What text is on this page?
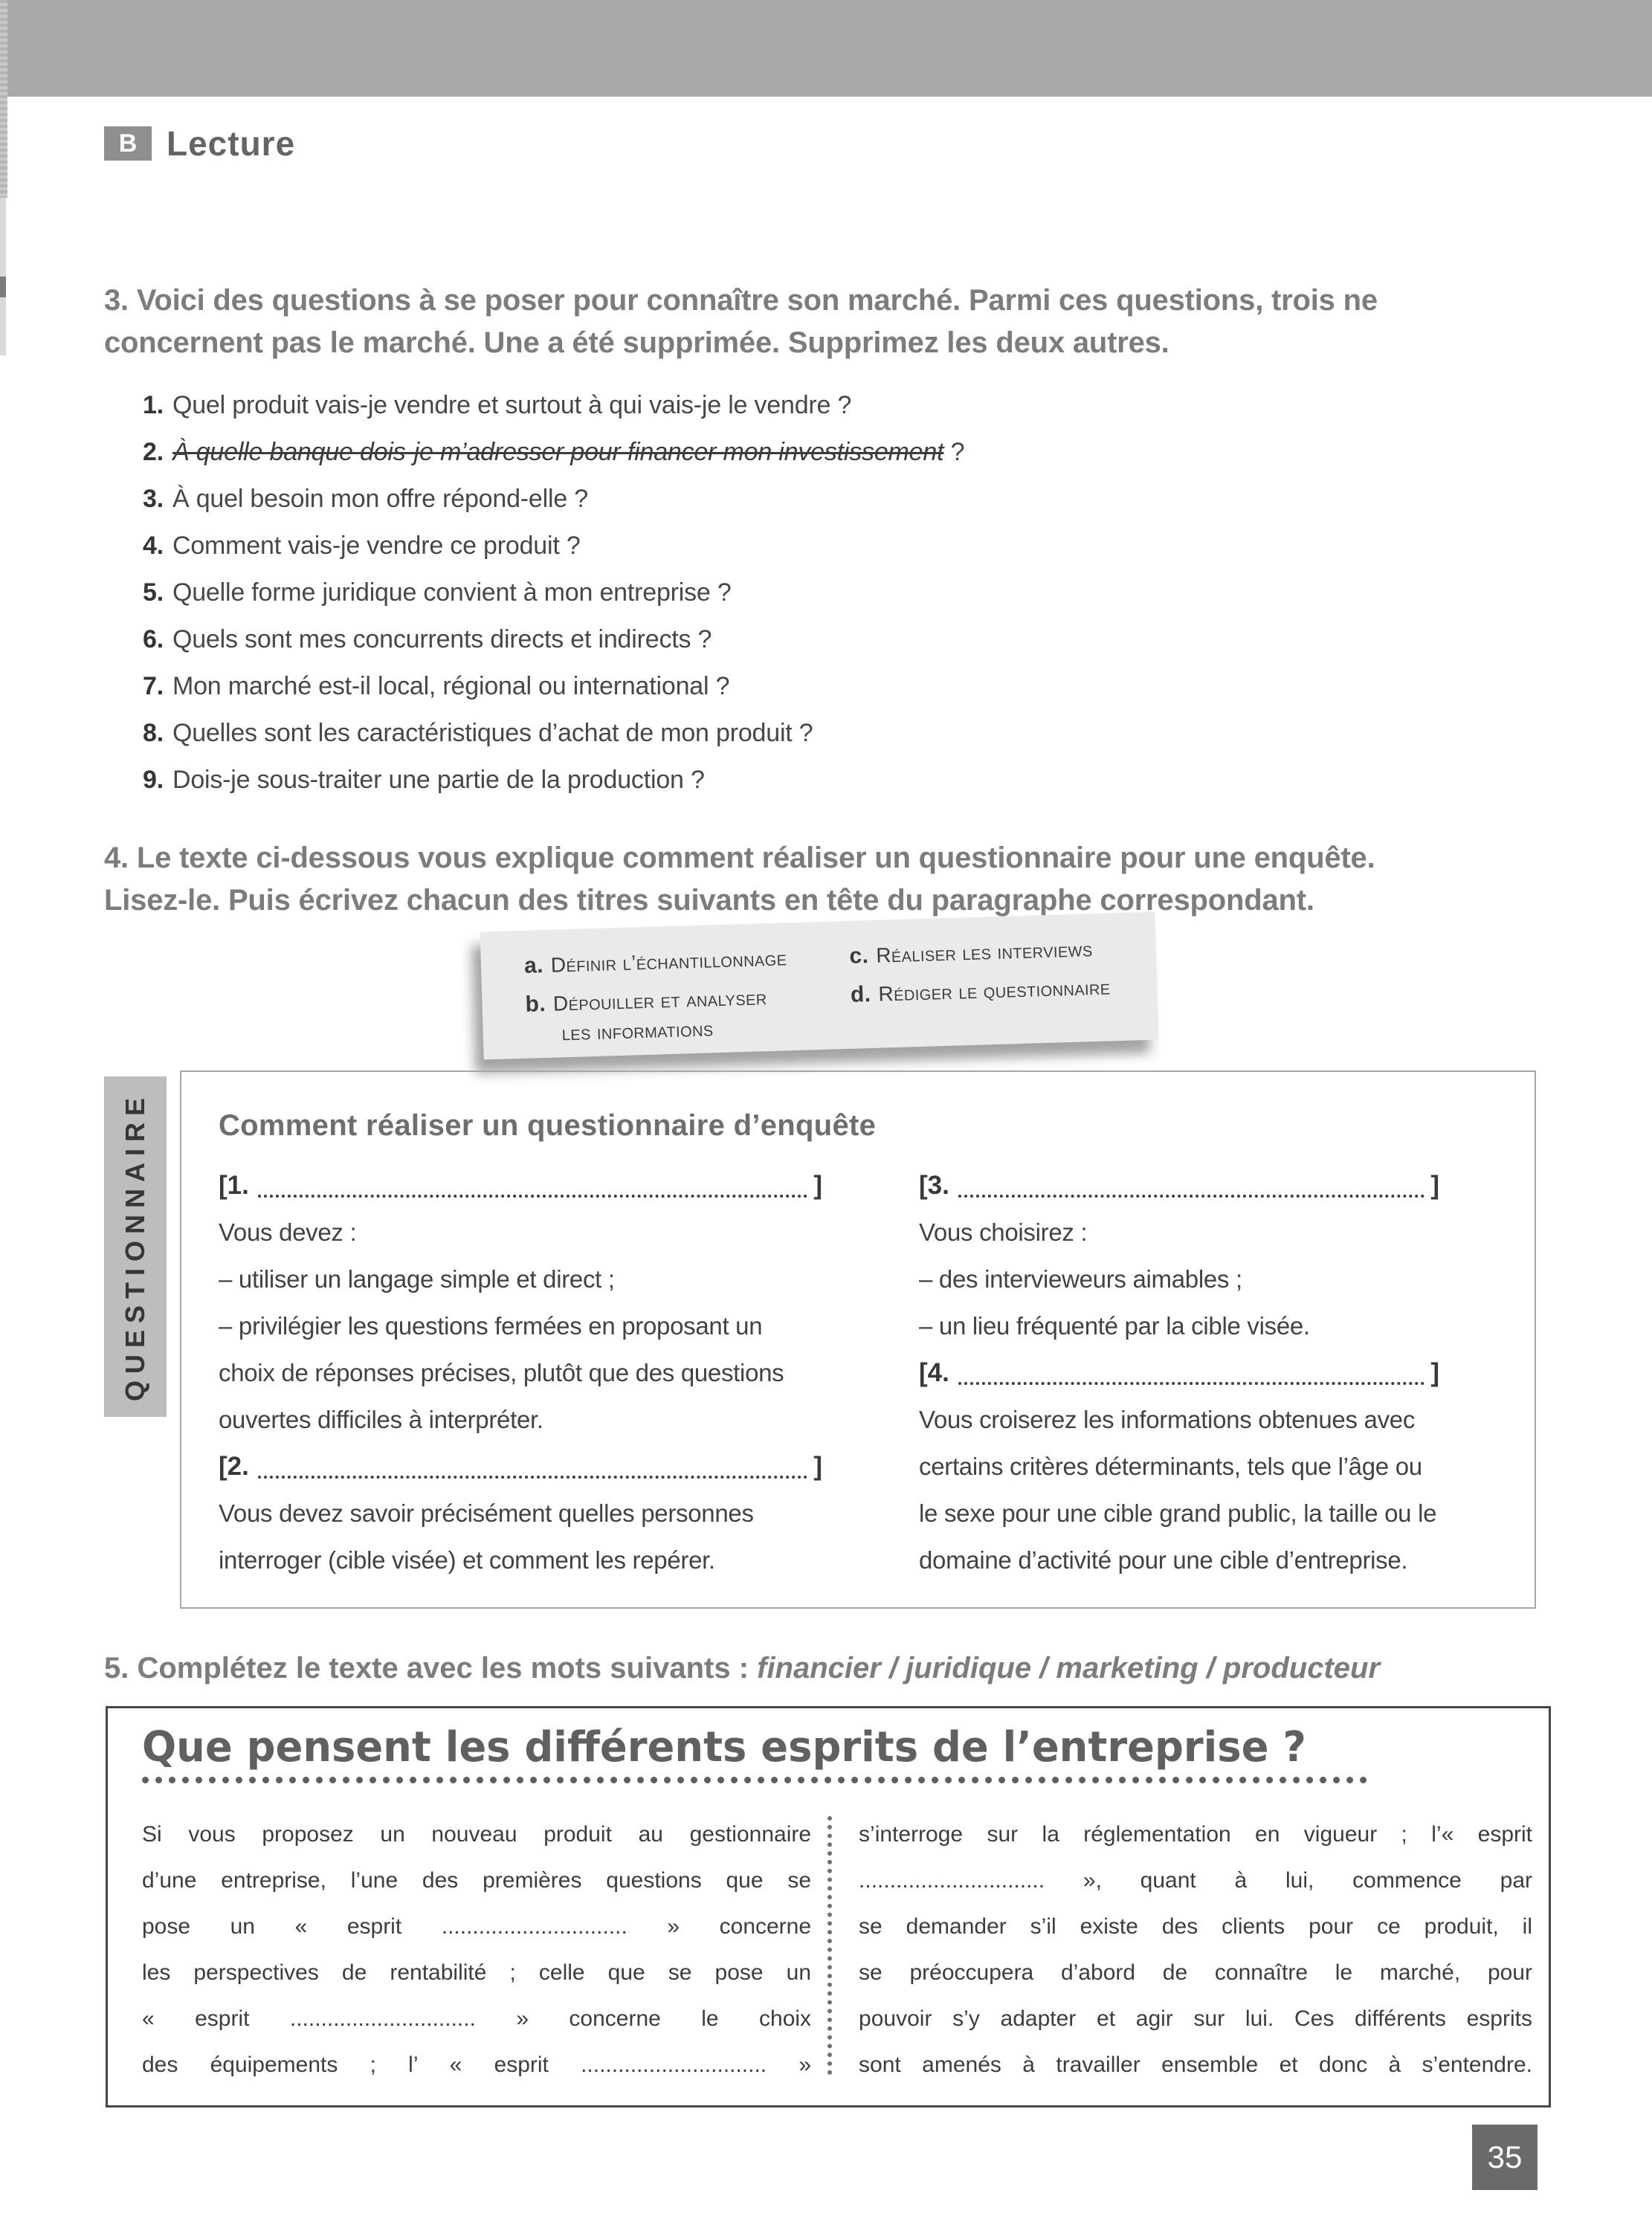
B Lecture
3. Voici des questions à se poser pour connaître son marché. Parmi ces questions, trois ne
concernent pas le marché. Une a été supprimée. Supprimez les deux autres.
1. Quel produit vais-je vendre et surtout à qui vais-je le vendre ?
2. À quelle banque dois-je m’adresser pour financer mon investissement ?
3. À quel besoin mon offre répond-elle ?
4. Comment vais-je vendre ce produit ?
5. Quelle forme juridique convient à mon entreprise ?
6. Quels sont mes concurrents directs et indirects ?
7. Mon marché est-il local, régional ou international ?
8. Quelles sont les caractéristiques d’achat de mon produit ?
9. Dois-je sous-traiter une partie de la production ?
4. Le texte ci-dessous vous explique comment réaliser un questionnaire pour une enquête.
Lisez-le. Puis écrivez chacun des titres suivants en tête du paragraphe correspondant.
a. Définir l’échantillonnage
b. Dépouiller et analyser
les informations
c. Réaliser les interviews
d. Rédiger le questionnaire
QUESTIONNAIRE Comment réaliser un questionnaire d’enquête
[1.	]
Vous devez :
– utiliser un langage simple et direct ;
– privilégier les questions fermées en proposant un choix de réponses précises, plutôt que des questions ouvertes difficiles à interpréter.
[2.	]
Vous devez savoir précisément quelles personnes interroger (cible visée) et comment les repérer.
[3.	]
Vous choisirez :
– des intervieweurs aimables ;
– un lieu fréquenté par la cible visée.
[4.	]
Vous croiserez les informations obtenues avec certains critères déterminants, tels que l’âge ou le sexe pour une cible grand public, la taille ou le domaine d’activité pour une cible d’entreprise.
5. Complétez le texte avec les mots suivants : financier / juridique / marketing / producteur
Que pensent les différents esprits de l’entreprise ?
Si vous proposez un nouveau produit au gestionnaire
d’une entreprise, l’une des premières questions que se
pose un « esprit .............................. » concerne
les perspectives de rentabilité ; celle que se pose un
« esprit .............................. » concerne le choix
des équipements ; l’ « esprit .............................. »
s’interroge sur la réglementation en vigueur ; l’« esprit
.............................. », quant à lui, commence par
se demander s’il existe des clients pour ce produit, il
se préoccupera d’abord de connaître le marché, pour
pouvoir s’y adapter et agir sur lui. Ces différents esprits
sont amenés à travailler ensemble et donc à s’entendre.
35
